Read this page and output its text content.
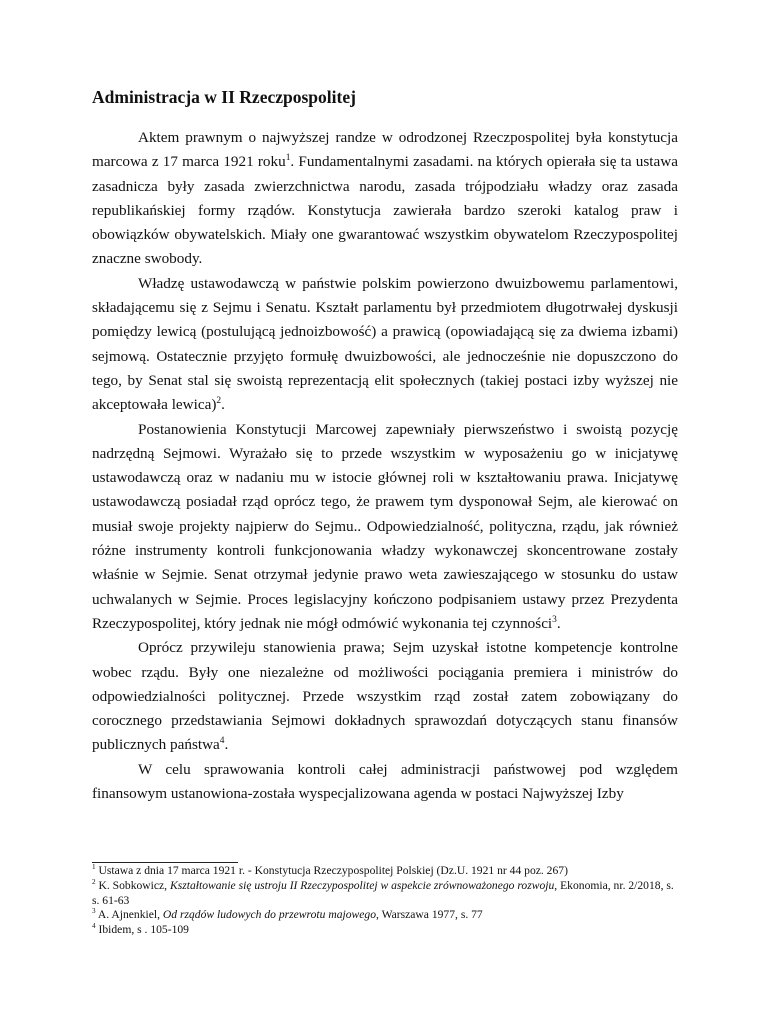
Administracja w II Rzeczpospolitej

Aktem prawnym o najwyższej randze w odrodzonej Rzeczpospolitej była konstytucja marcowa z 17 marca 1921 roku$^1$. Fundamentalnymi zasadami. na których opierała się ta ustawa zasadnicza były zasada zwierzchnictwa narodu, zasada trójpodziału władzy oraz zasada republikańskiej formy rządów. Konstytucja zawierała bardzo szeroki katalog praw i obowiązków obywatelskich. Miały one gwarantować wszystkim obywatelom Rzeczypospolitej znaczne swobody.

Władzę ustawodawczą w państwie polskim powierzono dwuizbowemu parlamentowi, składającemu się z Sejmu i Senatu. Kształt parlamentu był przedmiotem długotrwałej dyskusji pomiędzy lewicą (postulującą jednoizbowość) a prawicą (opowiadającą się za dwiema izbami) sejmową. Ostatecznie przyjęto formułę dwuizbowości, ale jednocześnie nie dopuszczono do tego, by Senat stal się swoistą reprezentacją elit społecznych (takiej postaci izby wyższej nie akceptowała lewica)$^2$.

Postanowienia Konstytucji Marcowej zapewniały pierwszeństwo i swoistą pozycję nadrzędną Sejmowi. Wyrażało się to przede wszystkim w wyposażeniu go w inicjatywę ustawodawczą oraz w nadaniu mu w istocie głównej roli w kształtowaniu prawa. Inicjatywę ustawodawczą posiadał rząd oprócz tego, że prawem tym dysponował Sejm, ale kierować on musiał swoje projekty najpierw do Sejmu.. Odpowiedzialność, polityczna, rządu, jak również różne instrumenty kontroli funkcjonowania władzy wykonawczej skoncentrowane zostały właśnie w Sejmie. Senat otrzymał jedynie prawo weta zawieszającego w stosunku do ustaw uchwalanych w Sejmie. Proces legislacyjny kończono podpisaniem ustawy przez Prezydenta Rzeczypospolitej, który jednak nie mógł odmówić wykonania tej czynności$^3$.

Oprócz przywileju stanowienia prawa; Sejm uzyskał istotne kompetencje kontrolne wobec rządu. Były one niezależne od możliwości pociągania premiera i ministrów do odpowiedzialności politycznej. Przede wszystkim rząd został zatem zobowiązany do corocznego przedstawiania Sejmowi dokładnych sprawozdań dotyczących stanu finansów publicznych państwa$^4$.

W celu sprawowania kontroli całej administracji państwowej pod względem finansowym ustanowiona-została wyspecjalizowana agenda w postaci Najwyższej Izby

$^1$ Ustawa z dnia 17 marca 1921 r. - Konstytucja Rzeczypospolitej Polskiej (Dz.U. 1921 nr 44 poz. 267)

$^2$ K. Sobkowicz, Kształtowanie się ustroju II Rzeczypospolitej w aspekcie zrównoważonego rozwoju, Ekonomia, nr. 2/2018, s. s. 61-63

$^3$ A. Ajnenkiel, Od rządów ludowych do przewrotu majowego, Warszawa 1977, s. 77

$^4$ Ibidem, s . 105-109
